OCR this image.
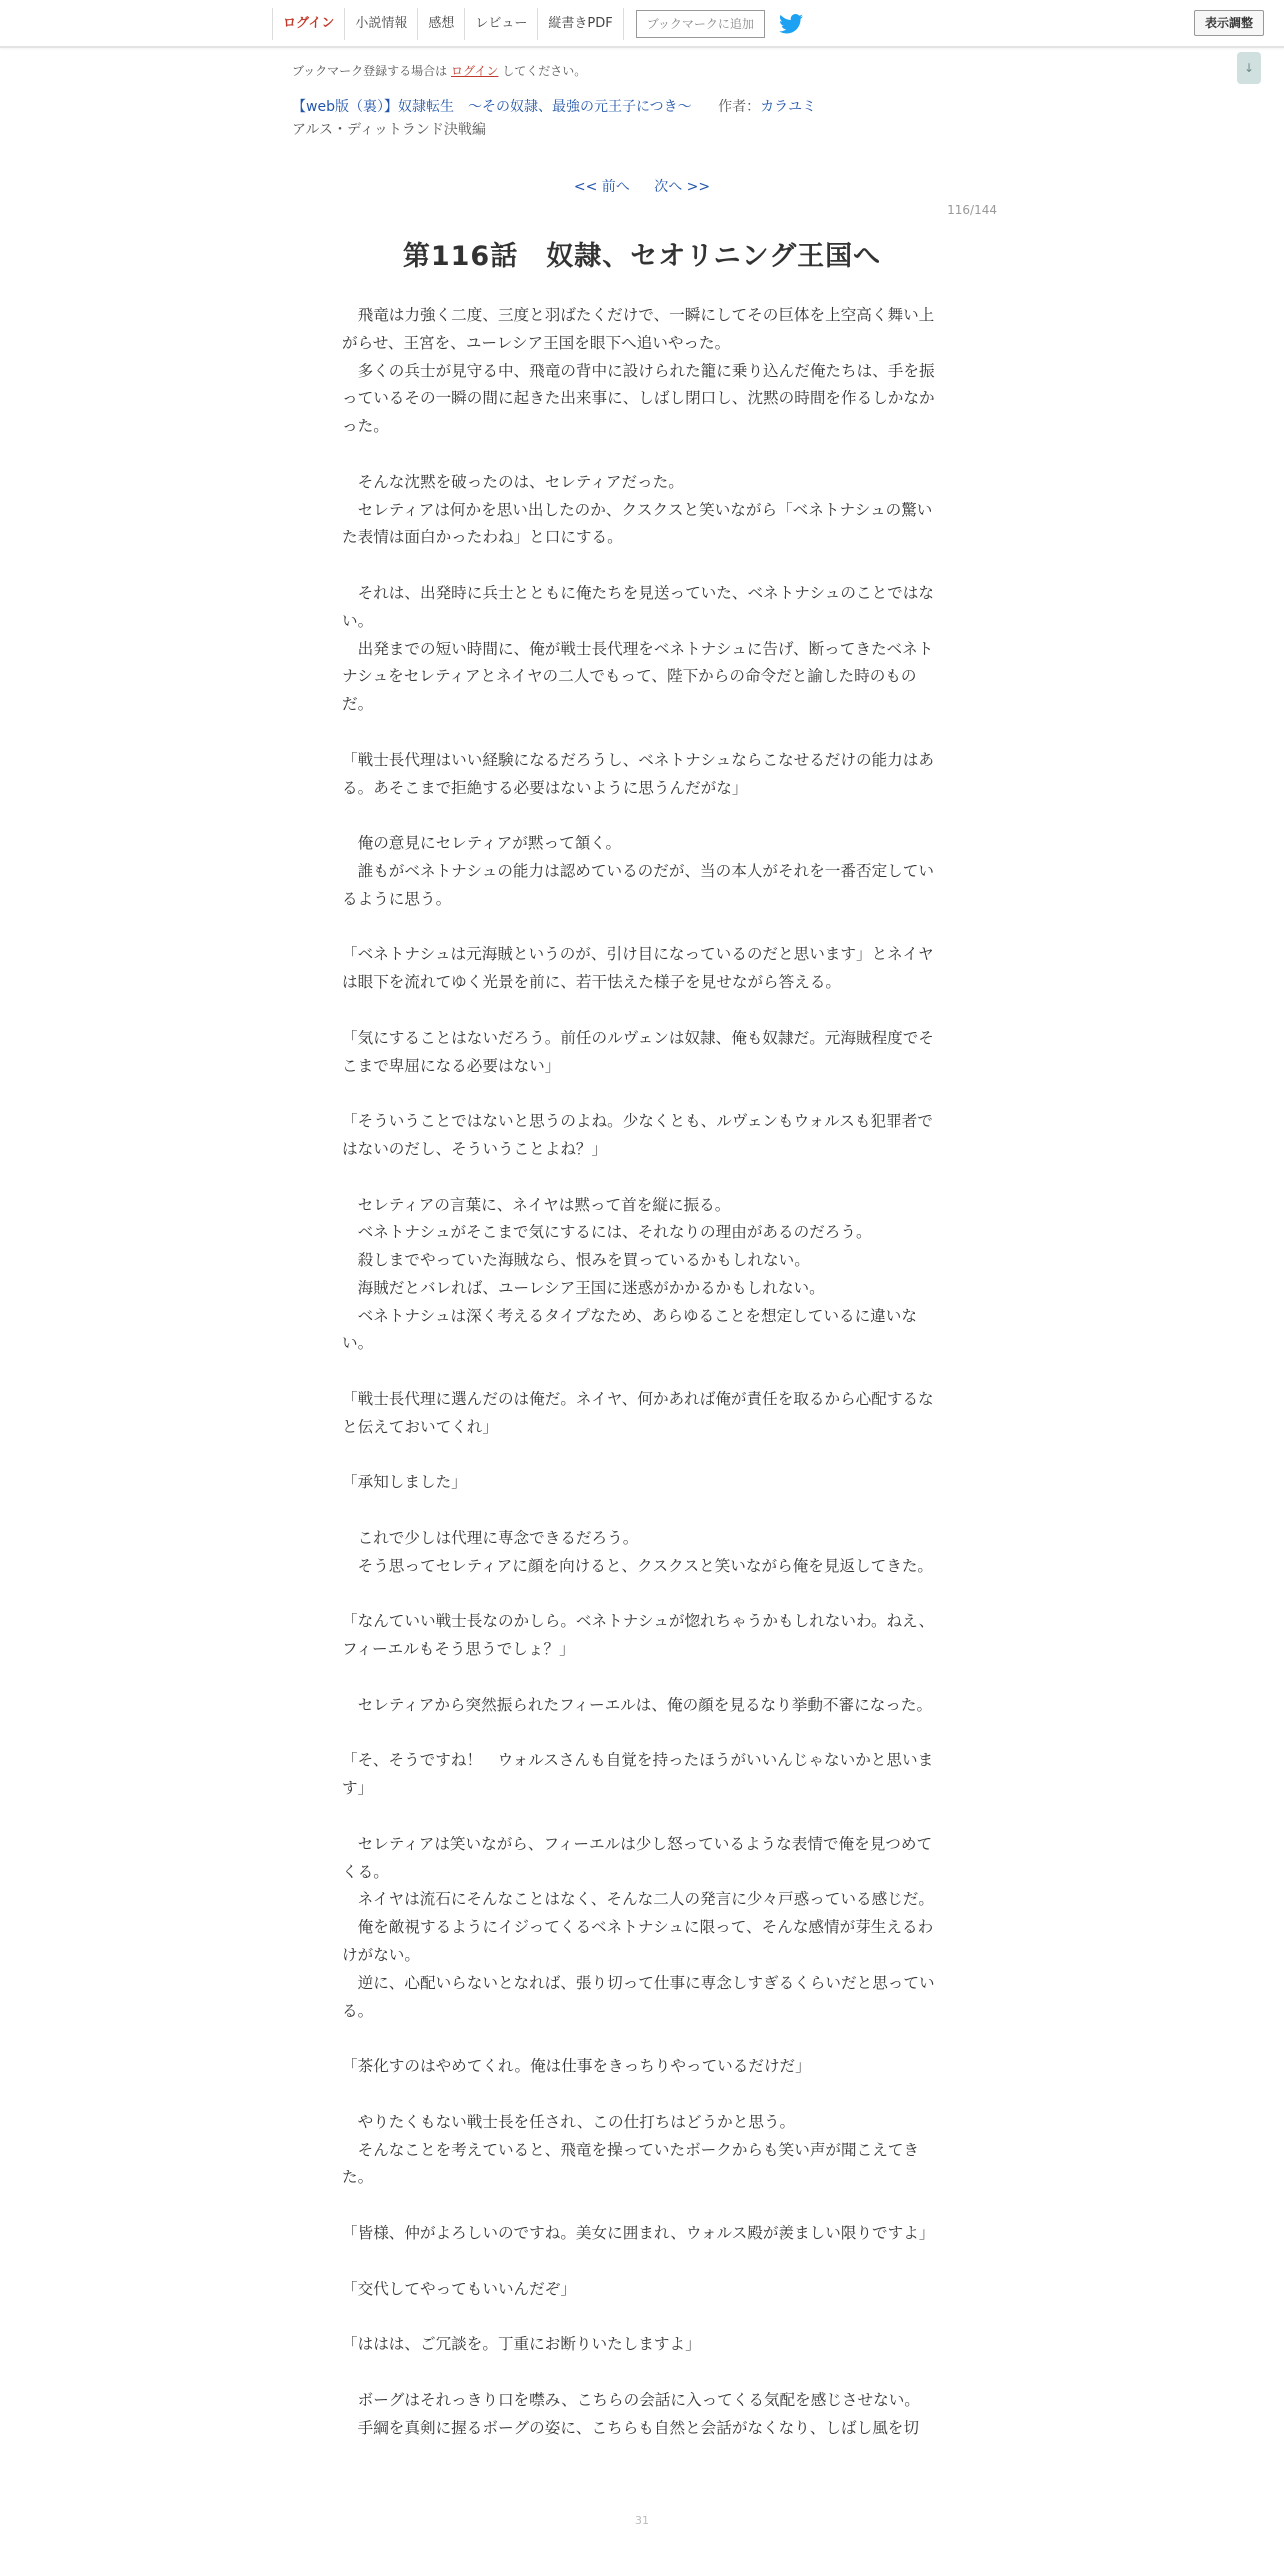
ログイン	小説情報	感想	レビュー	縦書きPDF	ブックマークに追加	表示調整
↓
ブックマーク登録する場合は ログイン してください。
【web版（裏）】奴隷転生　～その奴隷、最強の元王子につき～ 作者：カラユミ
アルス・ディットランド決戦編
<< 前へ 次へ >>
116/144
第116話　奴隷、セオリニング王国へ

　飛竜は力強く二度、三度と羽ばたくだけで、一瞬にしてその巨体を上空高く舞い上がらせ、王宮を、ユーレシア王国を眼下へ追いやった。

　多くの兵士が見守る中、飛竜の背中に設けられた籠に乗り込んだ俺たちは、手を振っているその一瞬の間に起きた出来事に、しばし閉口し、沈黙の時間を作るしかなかった。

　そんな沈黙を破ったのは、セレティアだった。

　セレティアは何かを思い出したのか、クスクスと笑いながら「ベネトナシュの驚いた表情は面白かったわね」と口にする。

　それは、出発時に兵士とともに俺たちを見送っていた、ベネトナシュのことではない。

　出発までの短い時間に、俺が戦士長代理をベネトナシュに告げ、断ってきたベネトナシュをセレティアとネイヤの二人でもって、陛下からの命令だと諭した時のものだ。

「戦士長代理はいい経験になるだろうし、ベネトナシュならこなせるだけの能力はある。あそこまで拒絶する必要はないように思うんだがな」

　俺の意見にセレティアが黙って頷く。

　誰もがベネトナシュの能力は認めているのだが、当の本人がそれを一番否定しているように思う。

「ベネトナシュは元海賊というのが、引け目になっているのだと思います」とネイヤは眼下を流れてゆく光景を前に、若干怯えた様子を見せながら答える。

「気にすることはないだろう。前任のルヴェンは奴隷、俺も奴隷だ。元海賊程度でそこまで卑屈になる必要はない」

「そういうことではないと思うのよね。少なくとも、ルヴェンもウォルスも犯罪者ではないのだし、そういうことよね？」

　セレティアの言葉に、ネイヤは黙って首を縦に振る。

　ベネトナシュがそこまで気にするには、それなりの理由があるのだろう。

　殺しまでやっていた海賊なら、恨みを買っているかもしれない。

　海賊だとバレれば、ユーレシア王国に迷惑がかかるかもしれない。

　ベネトナシュは深く考えるタイプなため、あらゆることを想定しているに違いない。

「戦士長代理に選んだのは俺だ。ネイヤ、何かあれば俺が責任を取るから心配するなと伝えておいてくれ」

「承知しました」

　これで少しは代理に専念できるだろう。

　そう思ってセレティアに顔を向けると、クスクスと笑いながら俺を見返してきた。

「なんていい戦士長なのかしら。ベネトナシュが惚れちゃうかもしれないわ。ねえ、フィーエルもそう思うでしょ？」

　セレティアから突然振られたフィーエルは、俺の顔を見るなり挙動不審になった。

「そ、そうですね！　ウォルスさんも自覚を持ったほうがいいんじゃないかと思います」

　セレティアは笑いながら、フィーエルは少し怒っているような表情で俺を見つめてくる。

　ネイヤは流石にそんなことはなく、そんな二人の発言に少々戸惑っている感じだ。

　俺を敵視するようにイジってくるベネトナシュに限って、そんな感情が芽生えるわけがない。

　逆に、心配いらないとなれば、張り切って仕事に専念しすぎるくらいだと思っている。

「茶化すのはやめてくれ。俺は仕事をきっちりやっているだけだ」

　やりたくもない戦士長を任され、この仕打ちはどうかと思う。

　そんなことを考えていると、飛竜を操っていたボークからも笑い声が聞こえてきた。

「皆様、仲がよろしいのですね。美女に囲まれ、ウォルス殿が羨ましい限りですよ」

「交代してやってもいいんだぞ」

「ははは、ご冗談を。丁重にお断りいたしますよ」

　ボーグはそれっきり口を噤み、こちらの会話に入ってくる気配を感じさせない。

　手綱を真剣に握るボーグの姿に、こちらも自然と会話がなくなり、しばし風を切

31
